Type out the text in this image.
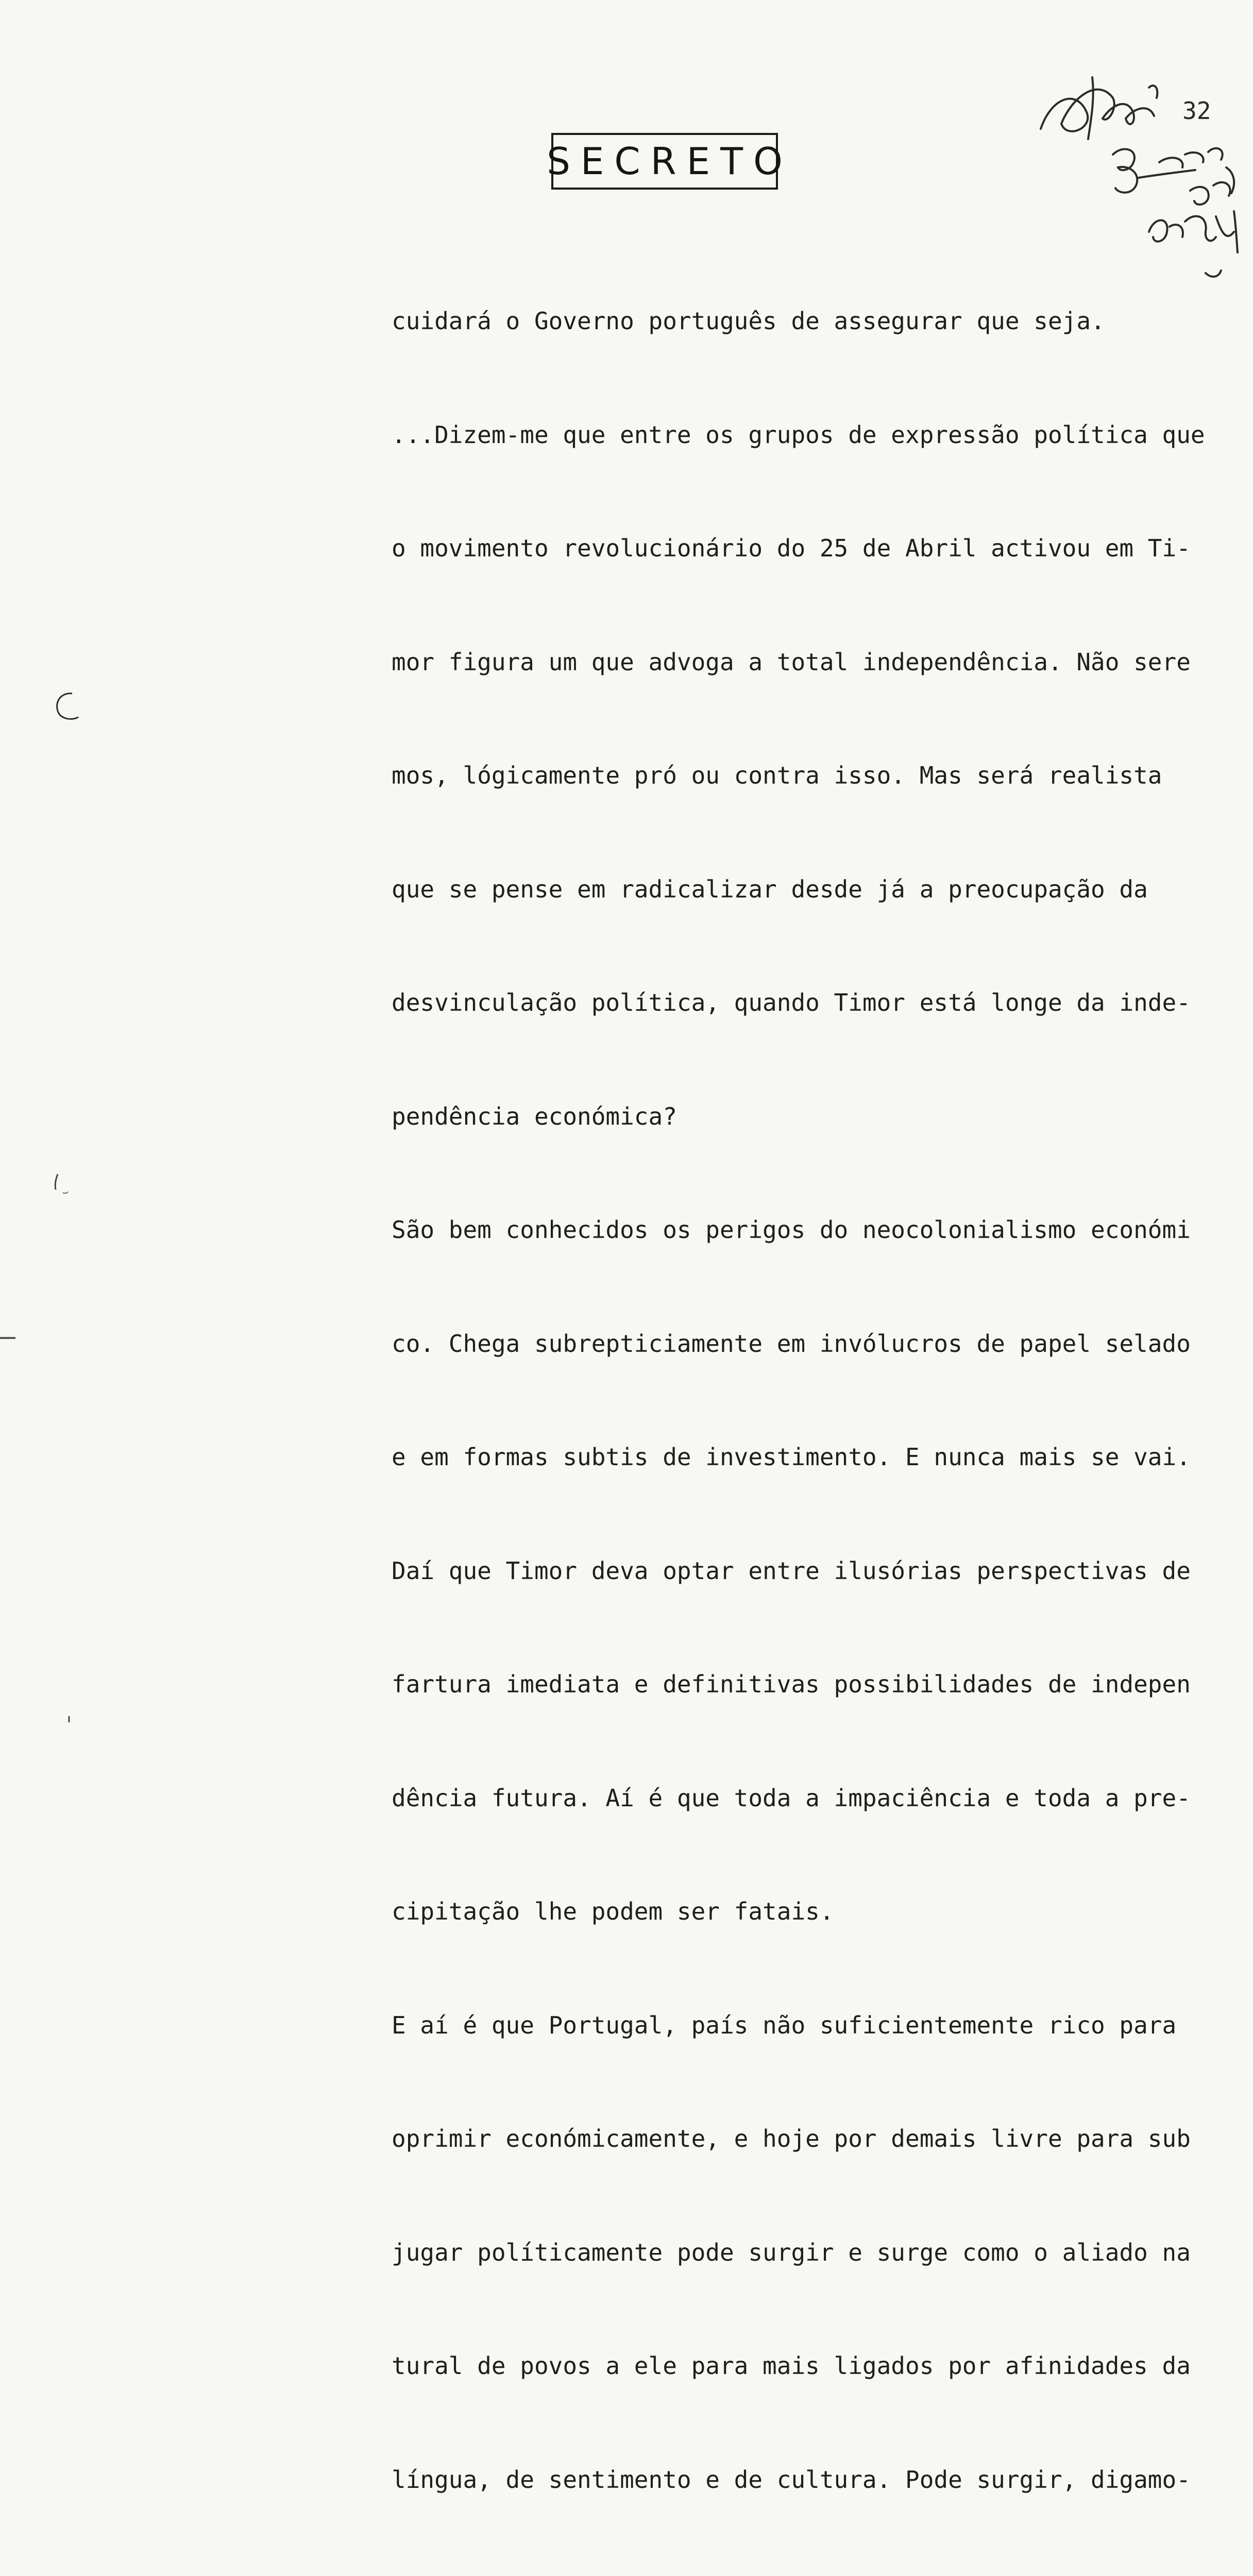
SECRETO
32

cuidará o Governo português de assegurar que seja.

...Dizem-me que entre os grupos de expressão política que

o movimento revolucionário do 25 de Abril activou em Ti-

mor figura um que advoga a total independência. Não sere

mos, lógicamente pró ou contra isso. Mas será realista

que se pense em radicalizar desde já a preocupação da

desvinculação política, quando Timor está longe da inde-

pendência económica?

São bem conhecidos os perigos do neocolonialismo económi

co. Chega subrepticiamente em invólucros de papel selado

e em formas subtis de investimento. E nunca mais se vai.

Daí que Timor deva optar entre ilusórias perspectivas de

fartura imediata e definitivas possibilidades de indepen

dência futura. Aí é que toda a impaciência e toda a pre-

cipitação lhe podem ser fatais.

E aí é que Portugal, país não suficientemente rico para

oprimir económicamente, e hoje por demais livre para sub

jugar políticamente pode surgir e surge como o aliado na

tural de povos a ele para mais ligados por afinidades da

língua, de sentimento e de cultura. Pode surgir, digamo-
